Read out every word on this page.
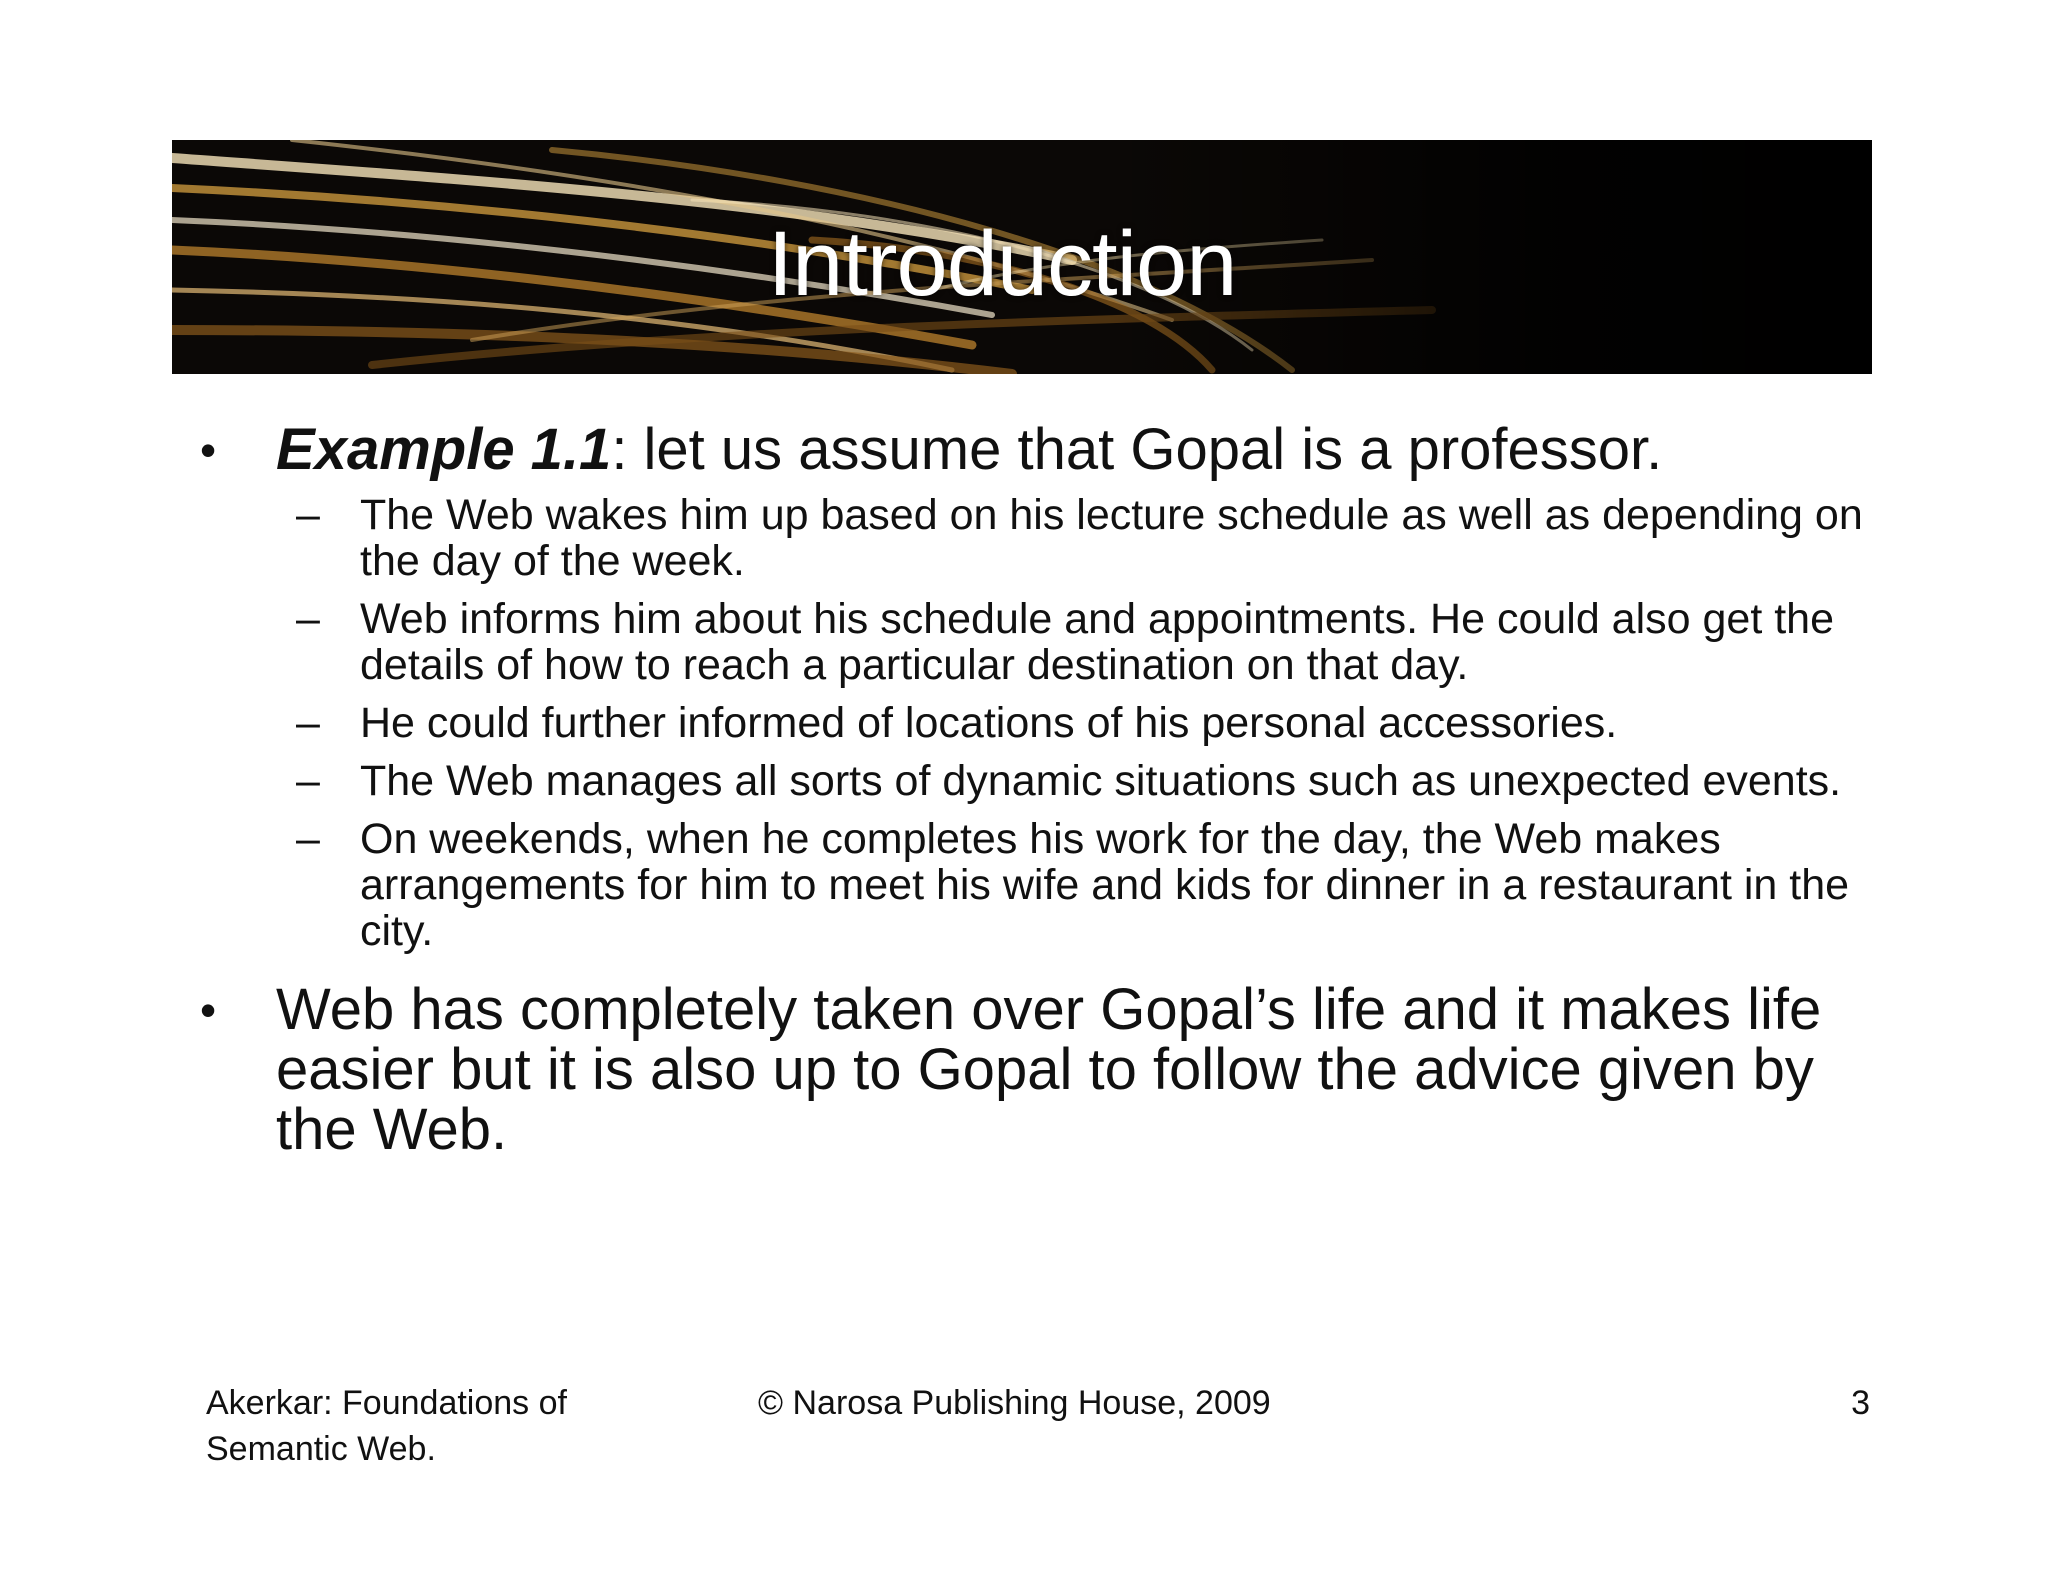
Introduction

•	Example 1.1: let us assume that Gopal is a professor.

– The Web wakes him up based on his lecture schedule as well as depending on the day of the week.

– Web informs him about his schedule and appointments. He could also get the details of how to reach a particular destination on that day.

– He could further informed of locations of his personal accessories.

– The Web manages all sorts of dynamic situations such as unexpected events.

– On weekends, when he completes his work for the day, the Web makes arrangements for him to meet his wife and kids for dinner in a restaurant in the city.

•	Web has completely taken over Gopal’s life and it makes life easier but it is also up to Gopal to follow the advice given by the Web.

Akerkar: Foundations of
Semantic Web.
© Narosa Publishing House, 2009	3
